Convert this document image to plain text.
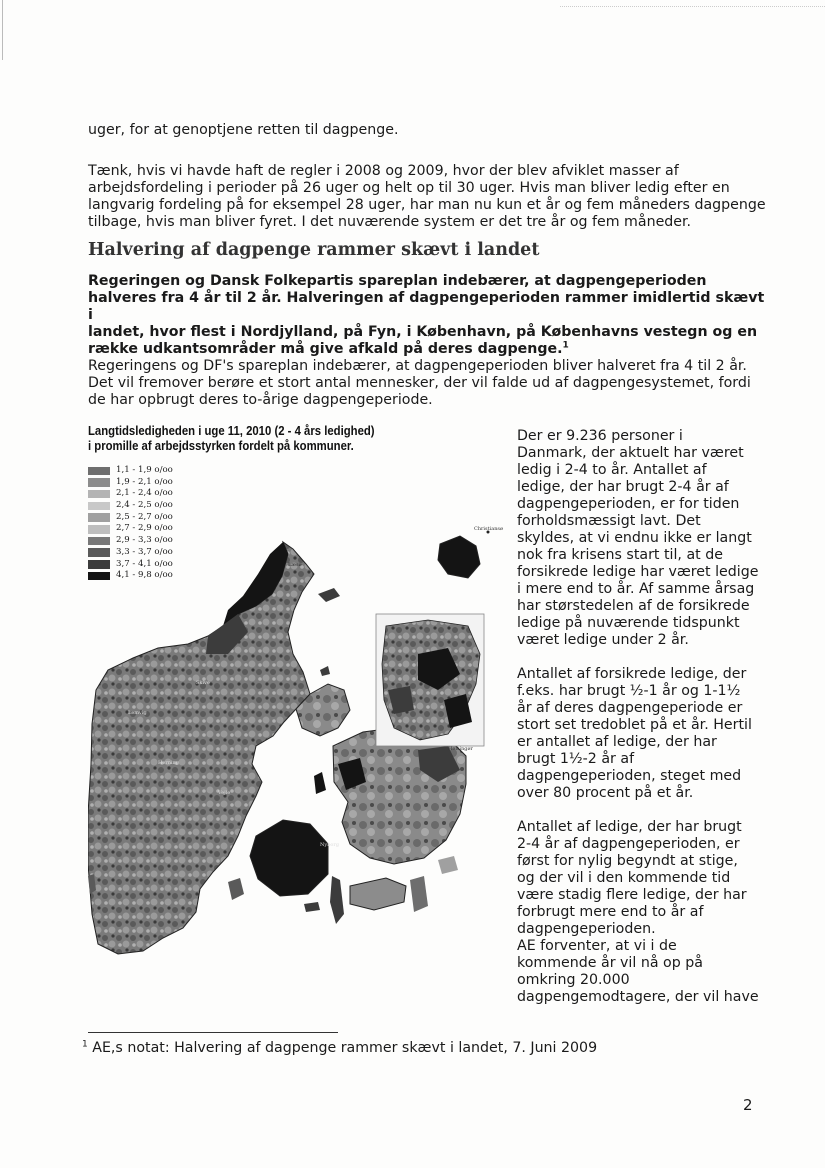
uger, for at genoptjene retten til dagpenge.

Tænk, hvis vi havde haft de regler i 2008 og 2009, hvor der blev afviklet masser af

arbejdsfordeling i perioder på 26 uger og helt op til 30 uger. Hvis man bliver ledig efter en

langvarig fordeling på for eksempel 28 uger, har man nu kun et år og fem måneders dagpenge

tilbage, hvis man bliver fyret. I det nuværende system er det tre år og fem måneder.

Halvering af dagpenge rammer skævt i landet

Regeringen og Dansk Folkepartis spareplan indebærer, at dagpengeperioden

halveres fra 4 år til 2 år. Halveringen af dagpengeperioden rammer imidlertid skævt i

landet, hvor flest i Nordjylland, på Fyn, i København, på Københavns vestegn og en

række udkantsområder må give afkald på deres dagpenge.$^1$

Regeringens og DF's spareplan indebærer, at dagpengeperioden bliver halveret fra 4 til 2 år.

Det vil fremover berøre et stort antal mennesker, der vil falde ud af dagpengesystemet, fordi

de har opbrugt deres to-årige dagpengeperiode.

Langtidsledigheden i uge 11, 2010 (2 - 4 års ledighed)
i promille af arbejdsstyrken fordelt på kommuner.
1,1 - 1,9 o/oo
1,9 - 2,1 o/oo
2,1 - 2,4 o/oo
2,4 - 2,5 o/oo
2,5 - 2,7 o/oo
2,7 - 2,9 o/oo
2,9 - 3,3 o/oo
3,3 - 3,7 o/oo
3,7 - 4,1 o/oo
4,1 - 9,8 o/oo
Christiansø
Læsø
Lemvig
Herning
Skive
Vejle
Nyborg
Helsingør

Der er 9.236 personer i

Danmark, der aktuelt har været

ledig i 2-4 to år. Antallet af

ledige, der har brugt 2-4 år af

dagpengeperioden, er for tiden

forholdsmæssigt lavt. Det

skyldes, at vi endnu ikke er langt

nok fra krisens start til, at de

forsikrede ledige har været ledige

i mere end to år. Af samme årsag

har størstedelen af de forsikrede

ledige på nuværende tidspunkt

været ledige under 2 år.

Antallet af forsikrede ledige, der

f.eks. har brugt ½-1 år og 1-1½

år af deres dagpengeperiode er

stort set tredoblet på et år. Hertil

er antallet af ledige, der har

brugt 1½-2 år af

dagpengeperioden, steget med

over 80 procent på et år.

Antallet af ledige, der har brugt

2-4 år af dagpengeperioden, er

først for nylig begyndt at stige,

og der vil i den kommende tid

være stadig flere ledige, der har

forbrugt mere end to år af

dagpengeperioden.

AE forventer, at vi i de

kommende år vil nå op på

omkring 20.000

dagpengemodtagere, der vil have

$^1$ AE,s notat: Halvering af dagpenge rammer skævt i landet, 7. Juni 2009
2
